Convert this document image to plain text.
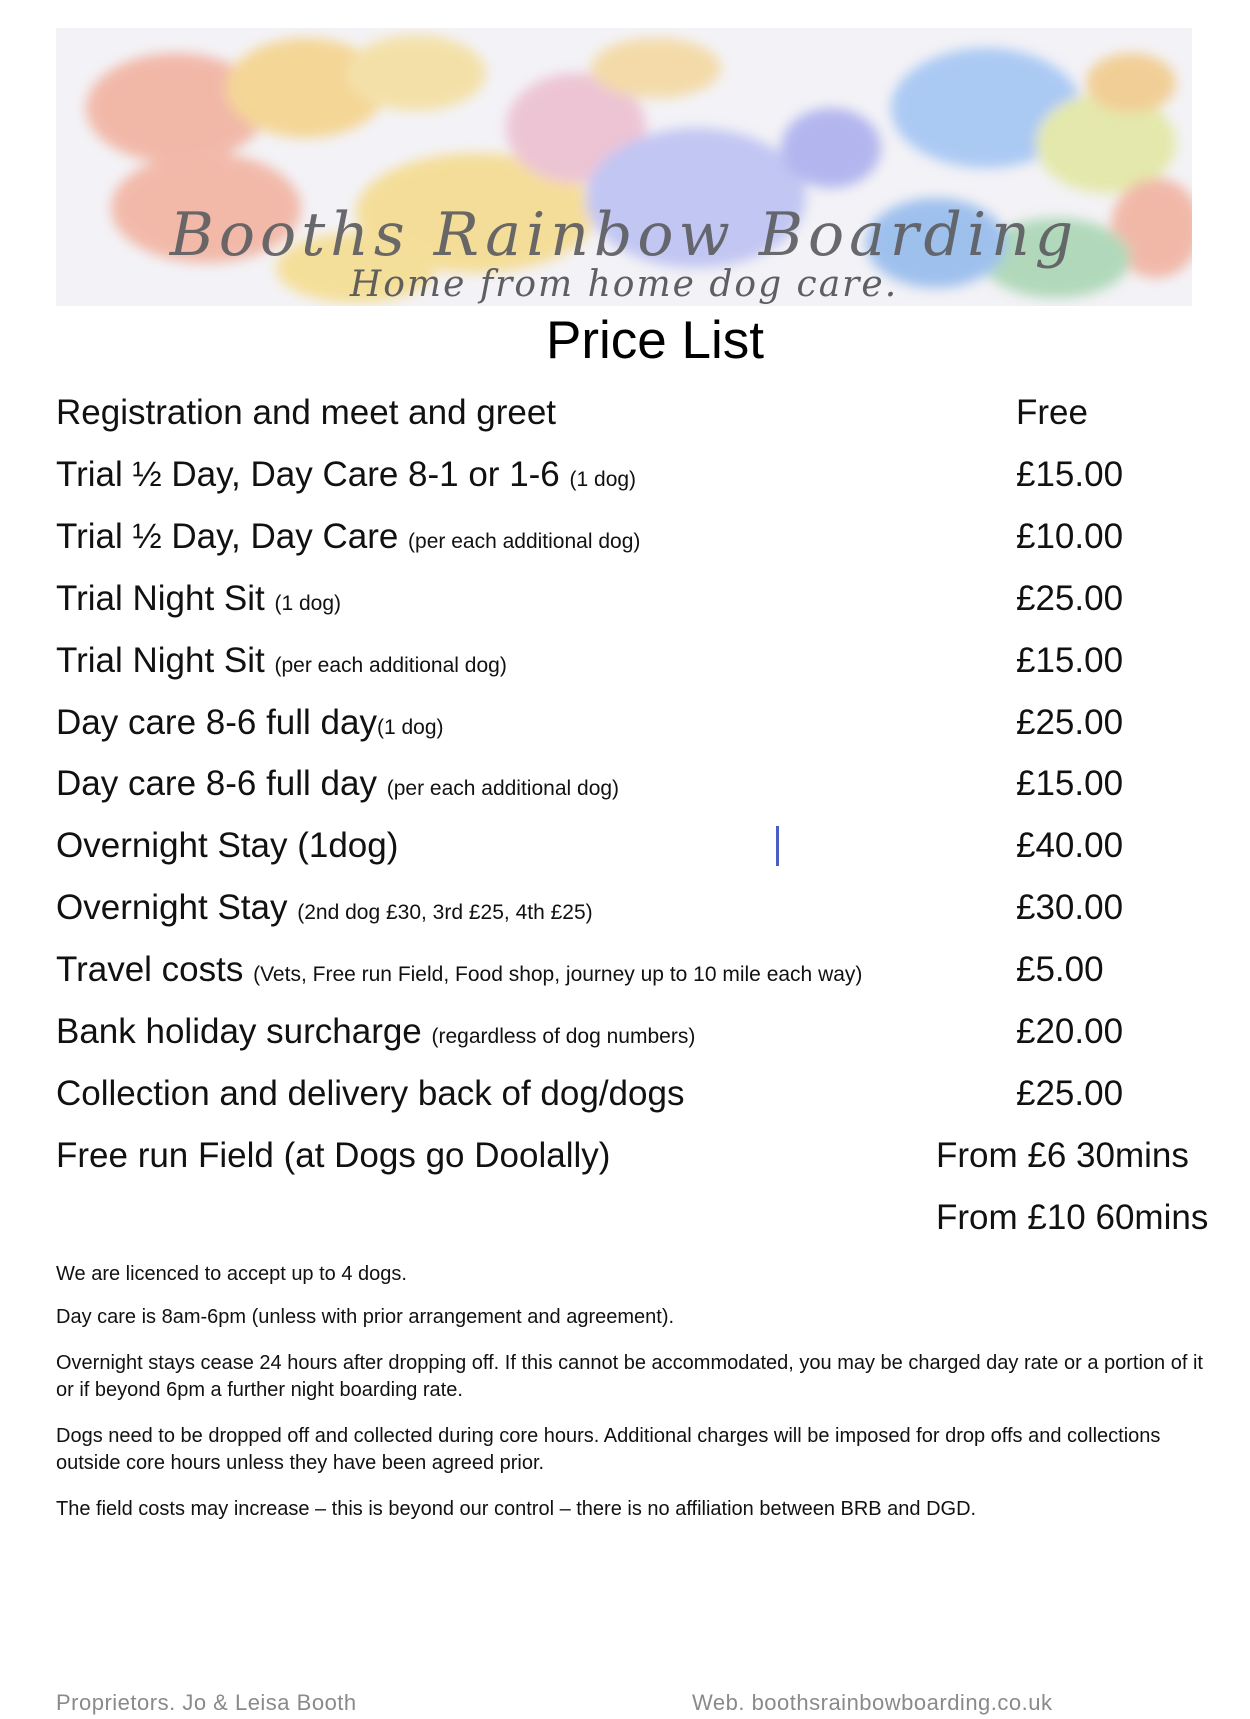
Booths Rainbow Boarding
Home from home dog care.
Price List
Registration and meet and greet	Free
Trial ½ Day, Day Care 8-1 or 1-6 (1 dog)	£15.00
Trial ½ Day, Day Care (per each additional dog)	£10.00
Trial Night Sit (1 dog)	£25.00
Trial Night Sit (per each additional dog)	£15.00
Day care 8-6 full day(1 dog)	£25.00
Day care 8-6 full day (per each additional dog)	£15.00
Overnight Stay (1dog)	£40.00
Overnight Stay (2nd dog £30, 3rd £25, 4th £25)	£30.00
Travel costs (Vets, Free run Field, Food shop, journey up to 10 mile each way)	£5.00
Bank holiday surcharge (regardless of dog numbers)	£20.00
Collection and delivery back of dog/dogs	£25.00
Free run Field (at Dogs go Doolally)	From £6 30mins
From £10 60mins
We are licenced to accept up to 4 dogs.
Day care is 8am-6pm (unless with prior arrangement and agreement).
Overnight stays cease 24 hours after dropping off. If this cannot be accommodated, you may be charged day rate or a portion of it or if beyond 6pm a further night boarding rate.
Dogs need to be dropped off and collected during core hours. Additional charges will be imposed for drop offs and collections outside core hours unless they have been agreed prior.
The field costs may increase – this is beyond our control – there is no affiliation between BRB and DGD.
Proprietors. Jo & Leisa Booth	Web. boothsrainbowboarding.co.uk
